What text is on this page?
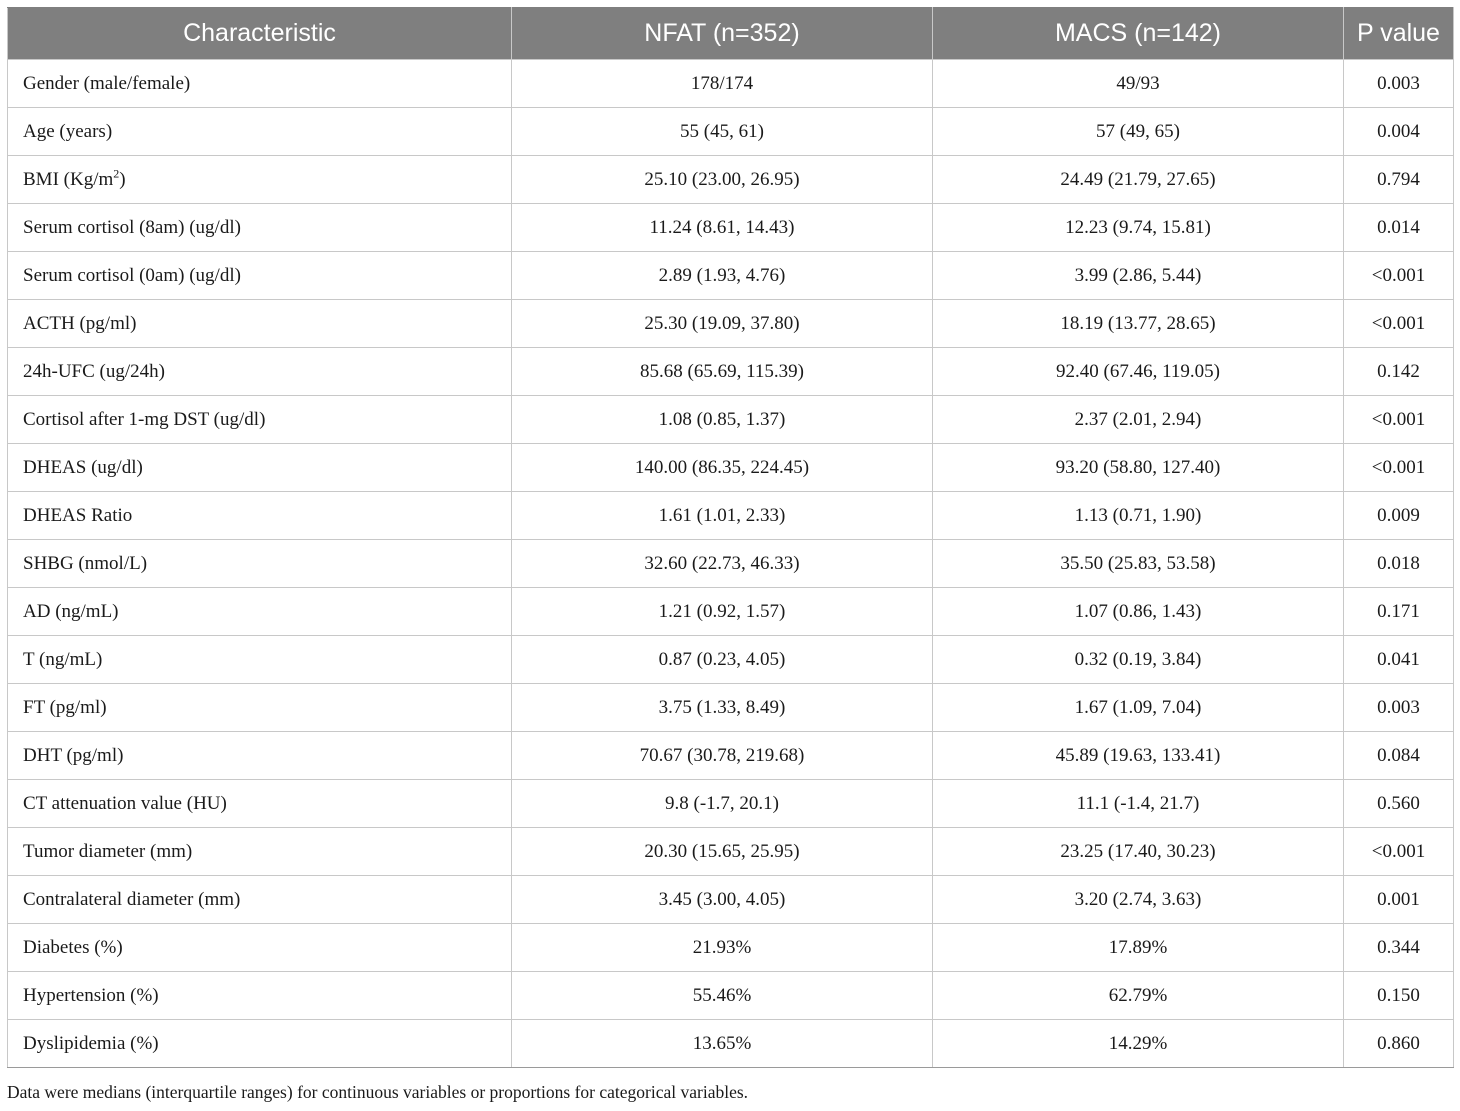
Characteristic	NFAT (n=352)	MACS (n=142)	P value
Gender (male/female)	178/174	49/93	0.003
Age (years)	55 (45, 61)	57 (49, 65)	0.004
BMI $(Kg/m^2)$	25.10 (23.00, 26.95)	24.49 (21.79, 27.65)	0.794
Serum cortisol (8am) (ug/dl)	11.24 (8.61, 14.43)	12.23 (9.74, 15.81)	0.014
Serum cortisol (0am) (ug/dl)	2.89 (1.93, 4.76)	3.99 (2.86, 5.44)	<0.001
ACTH (pg/ml)	25.30 (19.09, 37.80)	18.19 (13.77, 28.65)	<0.001
24h-UFC (ug/24h)	85.68 (65.69, 115.39)	92.40 (67.46, 119.05)	0.142
Cortisol after 1-mg DST (ug/dl)	1.08 (0.85, 1.37)	2.37 (2.01, 2.94)	<0.001
DHEAS (ug/dl)	140.00 (86.35, 224.45)	93.20 (58.80, 127.40)	<0.001
DHEAS Ratio	1.61 (1.01, 2.33)	1.13 (0.71, 1.90)	0.009
SHBG (nmol/L)	32.60 (22.73, 46.33)	35.50 (25.83, 53.58)	0.018
AD (ng/mL)	1.21 (0.92, 1.57)	1.07 (0.86, 1.43)	0.171
T (ng/mL)	0.87 (0.23, 4.05)	0.32 (0.19, 3.84)	0.041
FT (pg/ml)	3.75 (1.33, 8.49)	1.67 (1.09, 7.04)	0.003
DHT (pg/ml)	70.67 (30.78, 219.68)	45.89 (19.63, 133.41)	0.084
CT attenuation value (HU)	9.8 (-1.7, 20.1)	11.1 (-1.4, 21.7)	0.560
Tumor diameter (mm)	20.30 (15.65, 25.95)	23.25 (17.40, 30.23)	<0.001
Contralateral diameter (mm)	3.45 (3.00, 4.05)	3.20 (2.74, 3.63)	0.001
Diabetes (%)	21.93%	17.89%	0.344
Hypertension (%)	55.46%	62.79%	0.150
Dyslipidemia (%)	13.65%	14.29%	0.860
Data were medians (interquartile ranges) for continuous variables or proportions for categorical variables.
